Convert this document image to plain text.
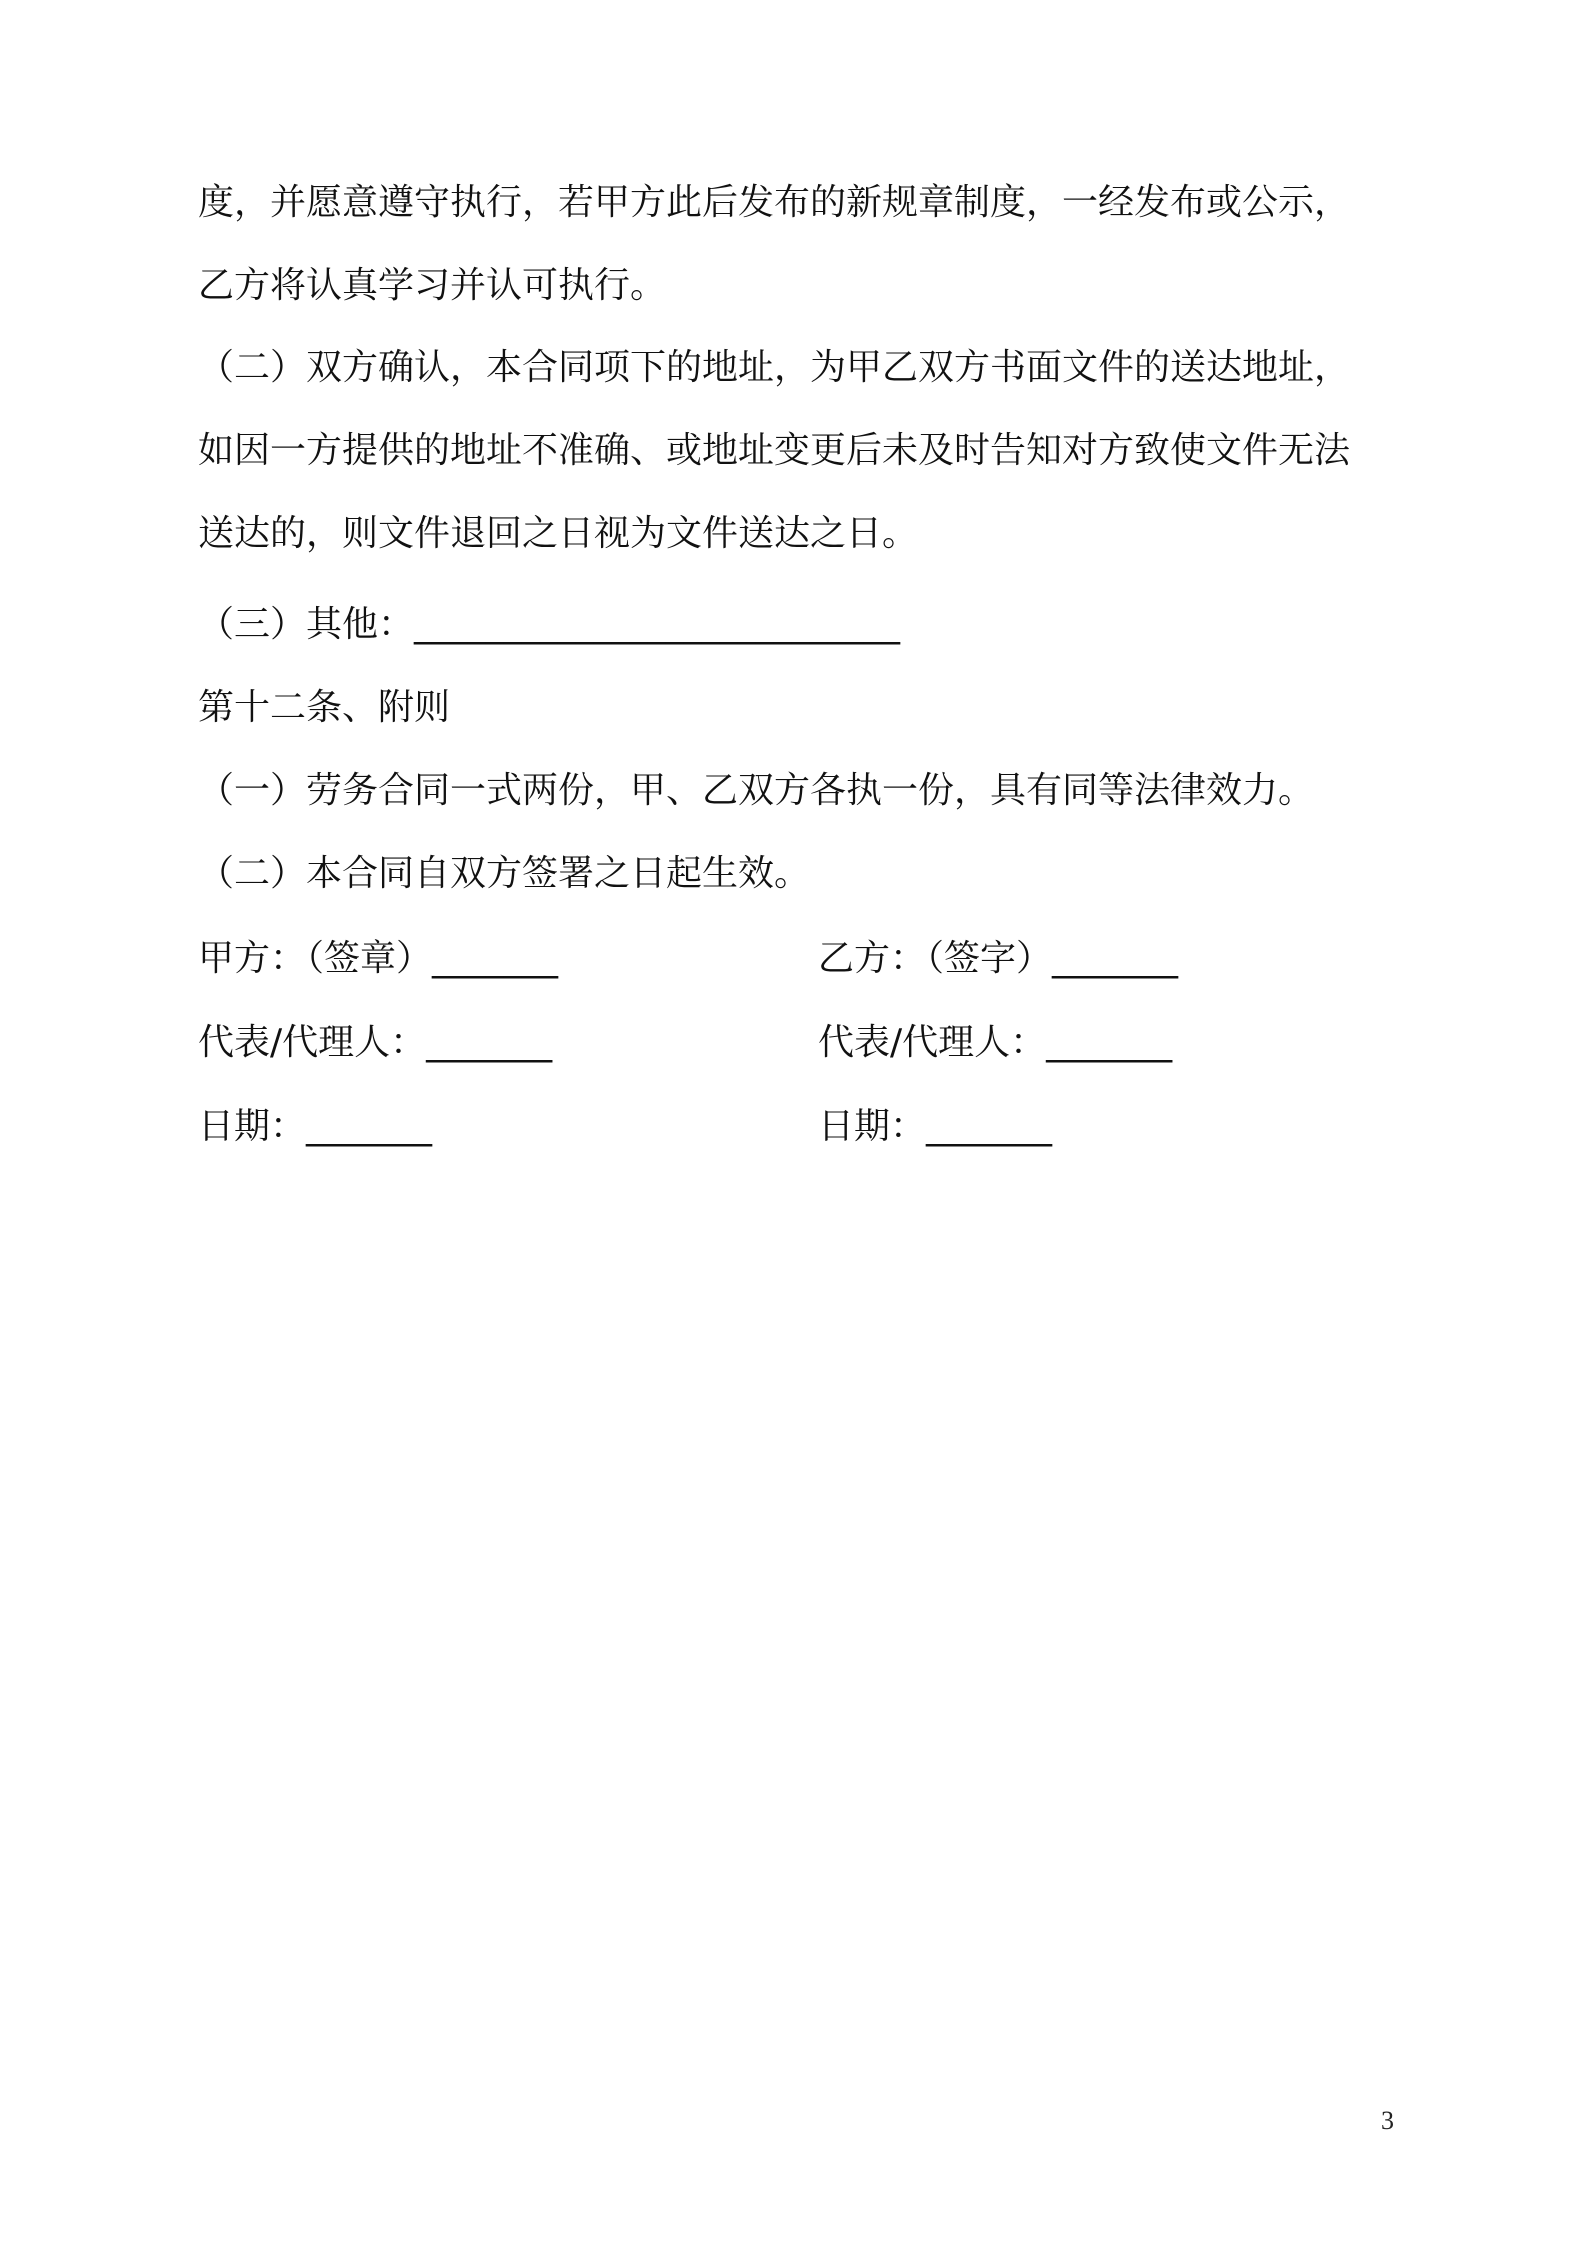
度，并愿意遵守执行，若甲方此后发布的新规章制度，一经发布或公示，
乙方将认真学习并认可执行。
（二）双方确认，本合同项下的地址，为甲乙双方书面文件的送达地址，
如因一方提供的地址不准确、或地址变更后未及时告知对方致使文件无法
送达的，则文件退回之日视为文件送达之日。
（三）其他：___________________________
第十二条、附则
（一）劳务合同一式两份，甲、乙双方各执一份，具有同等法律效力。
（二）本合同自双方签署之日起生效。
甲方：（签章）_______	乙方：（签字）_______
代表/代理人：_______	代表/代理人：_______
日期：_______	日期：_______
3
